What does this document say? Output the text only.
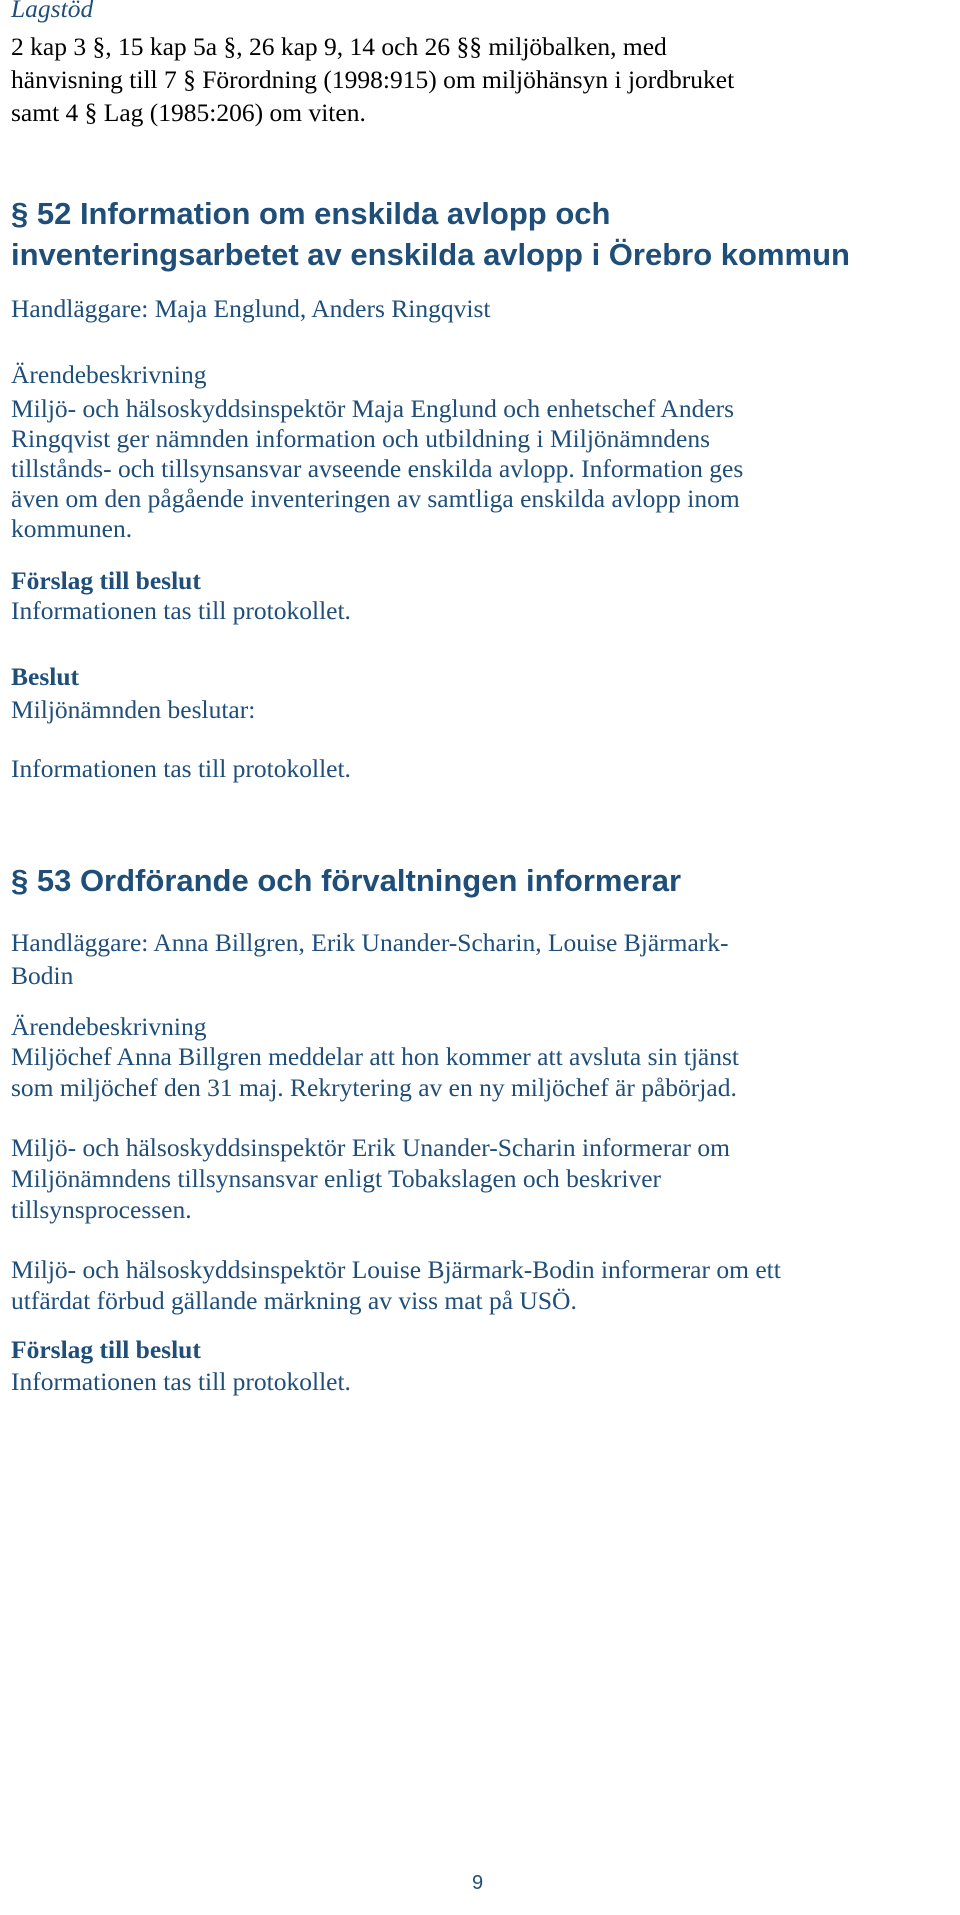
Lagstöd
2 kap 3 §, 15 kap 5a §, 26 kap 9, 14 och 26 §§ miljöbalken, med
hänvisning till 7 § Förordning (1998:915) om miljöhänsyn i jordbruket
samt 4 § Lag (1985:206) om viten.
§ 52 Information om enskilda avlopp och
inventeringsarbetet av enskilda avlopp i Örebro kommun
Handläggare: Maja Englund, Anders Ringqvist
Ärendebeskrivning
Miljö- och hälsoskyddsinspektör Maja Englund och enhetschef Anders
Ringqvist ger nämnden information och utbildning i Miljönämndens
tillstånds- och tillsynsansvar avseende enskilda avlopp. Information ges
även om den pågående inventeringen av samtliga enskilda avlopp inom
kommunen.
Förslag till beslut
Informationen tas till protokollet.
Beslut
Miljönämnden beslutar:
Informationen tas till protokollet.
§ 53 Ordförande och förvaltningen informerar
Handläggare: Anna Billgren, Erik Unander-Scharin, Louise Bjärmark-
Bodin
Ärendebeskrivning
Miljöchef Anna Billgren meddelar att hon kommer att avsluta sin tjänst
som miljöchef den 31 maj. Rekrytering av en ny miljöchef är påbörjad.
Miljö- och hälsoskyddsinspektör Erik Unander-Scharin informerar om
Miljönämndens tillsynsansvar enligt Tobakslagen och beskriver
tillsynsprocessen.
Miljö- och hälsoskyddsinspektör Louise Bjärmark-Bodin informerar om ett
utfärdat förbud gällande märkning av viss mat på USÖ.
Förslag till beslut
Informationen tas till protokollet.
9
